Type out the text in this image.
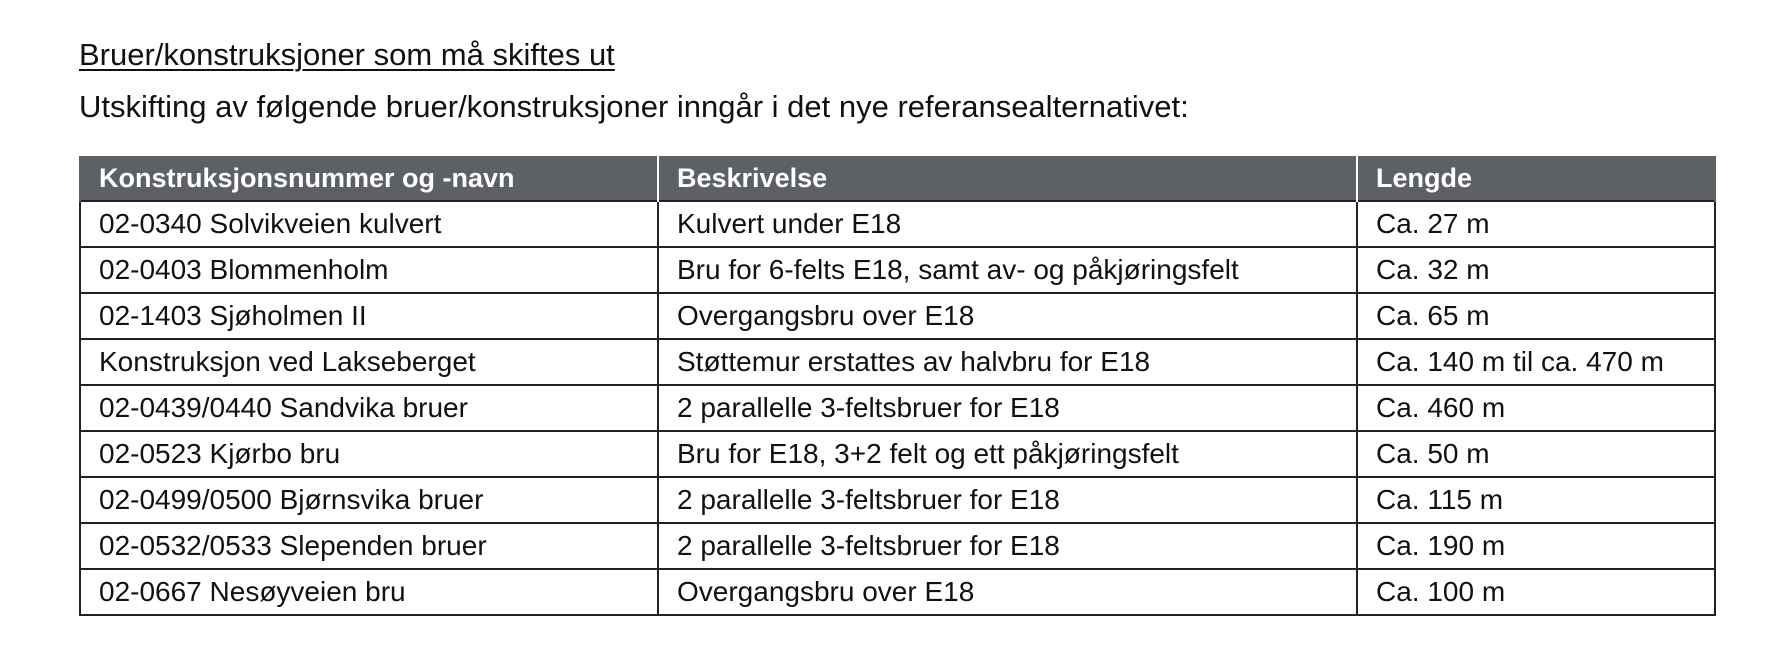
Bruer/konstruksjoner som må skiftes ut
Utskifting av følgende bruer/konstruksjoner inngår i det nye referansealternativet:
Konstruksjonsnummer og -navn	Beskrivelse	Lengde
02-0340 Solvikveien kulvert	Kulvert under E18	Ca. 27 m
02-0403 Blommenholm	Bru for 6-felts E18, samt av- og påkjøringsfelt	Ca. 32 m
02-1403 Sjøholmen II	Overgangsbru over E18	Ca. 65 m
Konstruksjon ved Lakseberget	Støttemur erstattes av halvbru for E18	Ca. 140 m til ca. 470 m
02-0439/0440 Sandvika bruer	2 parallelle 3-feltsbruer for E18	Ca. 460 m
02-0523 Kjørbo bru	Bru for E18, 3+2 felt og ett påkjøringsfelt	Ca. 50 m
02-0499/0500 Bjørnsvika bruer	2 parallelle 3-feltsbruer for E18	Ca. 115 m
02-0532/0533 Slependen bruer	2 parallelle 3-feltsbruer for E18	Ca. 190 m
02-0667 Nesøyveien bru	Overgangsbru over E18	Ca. 100 m
